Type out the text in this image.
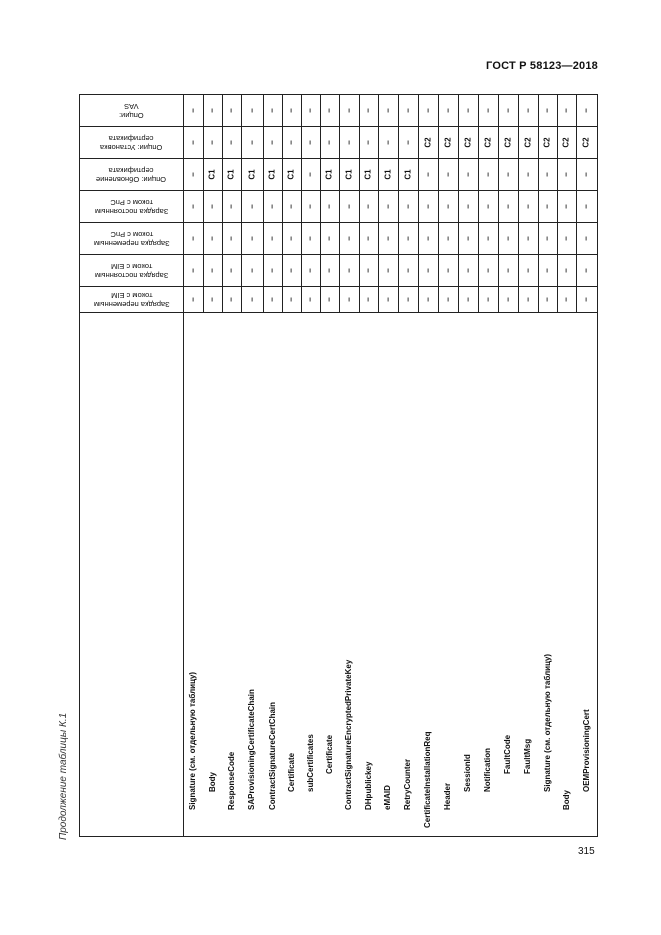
ГОСТ Р 58123—2018
Продолжение таблицы К.1
315
Опции:
VAS
Опции: Установка
сертификата
Опции: Обновление
сертификата
Зарядка постоянным
током с PnC
Зарядка переменным
током с PnC
Зарядка постоянным
током с EIM
Зарядка переменным
током с EIM
–
–
–
–
–
–
–
Signature (см. отдельную таблицу)
–
–
C1
–
–
–
–
Body
–
–
C1
–
–
–
–
ResponseCode
–
–
C1
–
–
–
–
SAProvisioningCertificateChain
–
–
C1
–
–
–
–
ContractSignatureCertChain
–
–
C1
–
–
–
–
Certificate
–
–
–
–
–
–
–
subCertificates
–
–
C1
–
–
–
–
Certificate
–
–
C1
–
–
–
–
ContractSignatureEncryptedPrivateKey
–
–
C1
–
–
–
–
DHpublickey
–
–
C1
–
–
–
–
eMAID
–
–
C1
–
–
–
–
RetryCounter
–
C2
–
–
–
–
–
CertificateInstallationReq
–
C2
–
–
–
–
–
Header
–
C2
–
–
–
–
–
SessionId
–
C2
–
–
–
–
–
Notification
–
C2
–
–
–
–
–
FaultCode
–
C2
–
–
–
–
–
FaultMsg
–
C2
–
–
–
–
–
Signature (см. отдельную таблицу)
–
C2
–
–
–
–
–
Body
–
C2
–
–
–
–
–
OEMProvisioningCert
